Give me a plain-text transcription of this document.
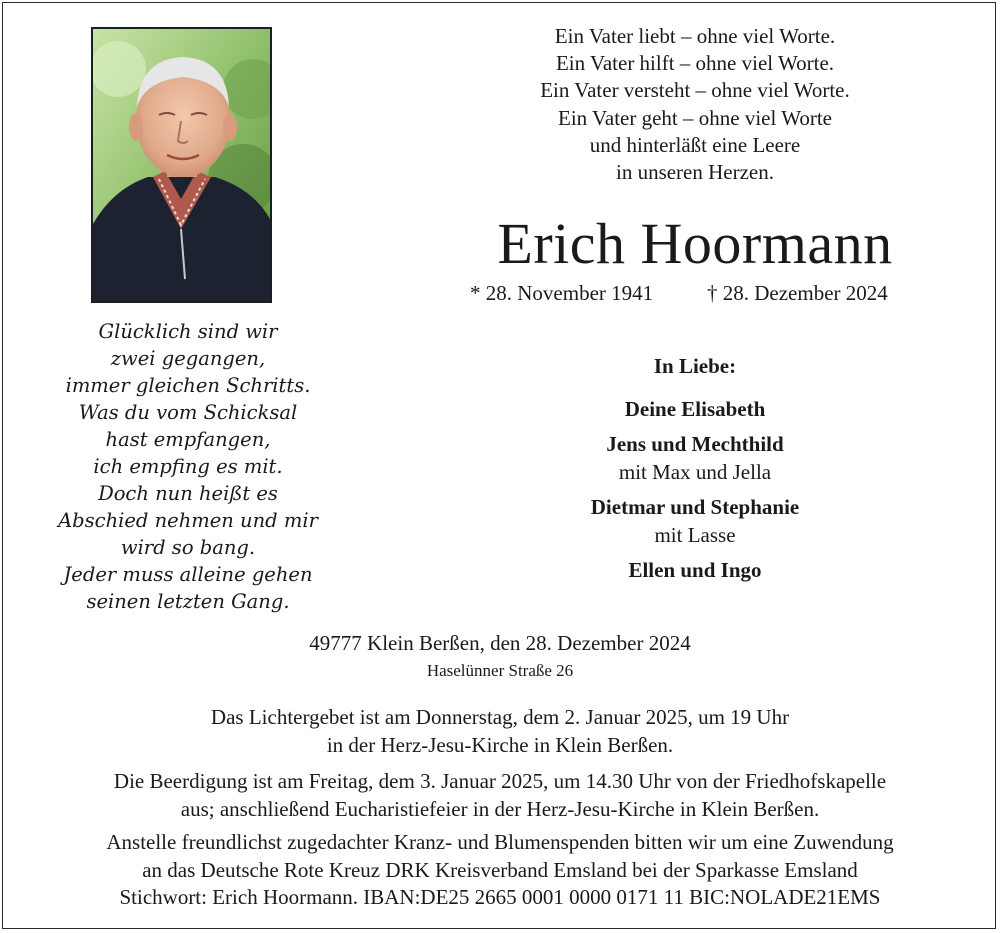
Ein Vater liebt – ohne viel Worte.
Ein Vater hilft – ohne viel Worte.
Ein Vater versteht – ohne viel Worte.
Ein Vater geht – ohne viel Worte
und hinterläßt eine Leere
in unseren Herzen.
Erich Hoormann
* 28. November 1941	† 28. Dezember 2024
Glücklich sind wir
zwei gegangen,
immer gleichen Schritts.
Was du vom Schicksal
hast empfangen,
ich empfing es mit.
Doch nun heißt es
Abschied nehmen und mir
wird so bang.
Jeder muss alleine gehen
seinen letzten Gang.
In Liebe:
Deine Elisabeth
Jens und Mechthild
mit Max und Jella
Dietmar und Stephanie
mit Lasse
Ellen und Ingo
49777 Klein Berßen, den 28. Dezember 2024
Haselünner Straße 26
Das Lichtergebet ist am Donnerstag, dem 2. Januar 2025, um 19 Uhr
in der Herz-Jesu-Kirche in Klein Berßen.
Die Beerdigung ist am Freitag, dem 3. Januar 2025, um 14.30 Uhr von der Friedhofskapelle
aus; anschließend Eucharistiefeier in der Herz-Jesu-Kirche in Klein Berßen.
Anstelle freundlichst zugedachter Kranz- und Blumenspenden bitten wir um eine Zuwendung
an das Deutsche Rote Kreuz DRK Kreisverband Emsland bei der Sparkasse Emsland
Stichwort: Erich Hoormann. IBAN:DE25 2665 0001 0000 0171 11 BIC:NOLADE21EMS
